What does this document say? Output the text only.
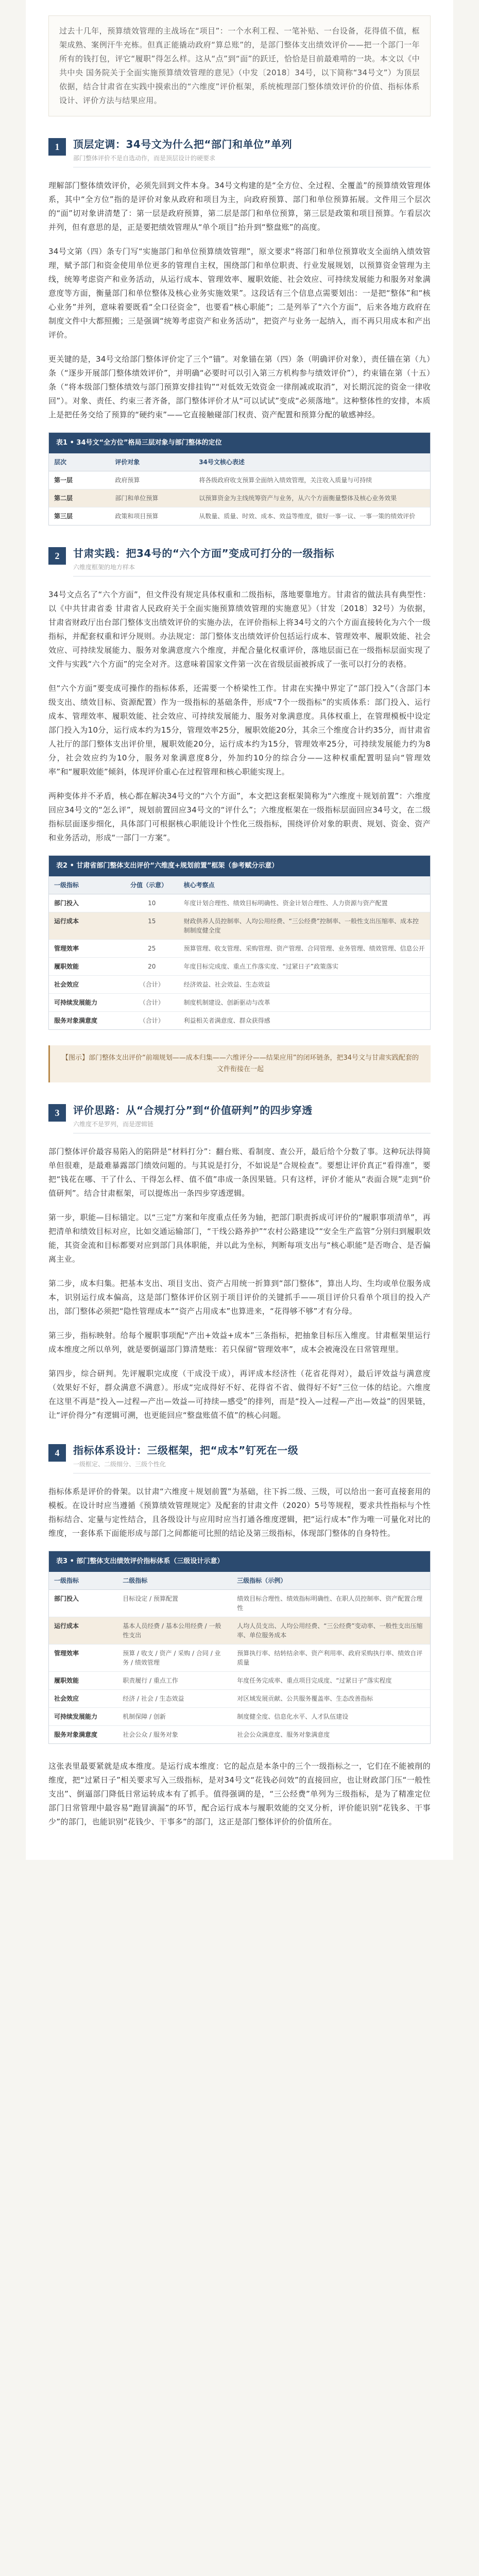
过去十几年，预算绩效管理的主战场在“项目”：一个水利工程、一笔补贴、一台设备，花得值不值，框架成熟、案例汗牛充栋。但真正能撬动政府“算总账”的，是部门整体支出绩效评价——把一个部门一年所有的钱打包，评它“履职”得怎么样。这从“点”到“面”的跃迁，恰恰是目前最难啃的一块。本文以《中共中央 国务院关于全面实施预算绩效管理的意见》（中发〔2018〕34号，以下简称“34号文”）为顶层依据，结合甘肃省在实践中摸索出的“六维度”评价框架，系统梳理部门整体绩效评价的价值、指标体系设计、评价方法与结果应用。

1	顶层定调：34号文为什么把“部门和单位”单列
部门整体评价不是自选动作，而是顶层设计的硬要求

理解部门整体绩效评价，必须先回到文件本身。34号文构建的是“全方位、全过程、全覆盖”的预算绩效管理体系，其中“全方位”指的是评价对象从政府和项目为主，向政府预算、部门和单位预算拓展。文件用三个层次的“面”切对象讲清楚了：第一层是政府预算，第二层是部门和单位预算，第三层是政策和项目预算。乍看层次并列，但有意思的是，正是要把绩效管理从“单个项目”抬升到“整盘账”的高度。

34号文第（四）条专门写“实施部门和单位预算绩效管理”，原文要求“将部门和单位预算收支全面纳入绩效管理，赋予部门和资金使用单位更多的管理自主权，围绕部门和单位职责、行业发展规划，以预算资金管理为主线，统筹考虑资产和业务活动，从运行成本、管理效率、履职效能、社会效应、可持续发展能力和服务对象满意度等方面，衡量部门和单位整体及核心业务实施效果”。这段话有三个信息点需要划出：一是把“整体”和“核心业务”并列，意味着要既看“全口径资金”，也要看“核心职能”；二是列举了“六个方面”，后来各地方政府在制度文件中大都照搬；三是强调“统筹考虑资产和业务活动”，把资产与业务一起纳入，而不再只用成本和产出评价。

更关键的是，34号文给部门整体评价定了三个“锚”。对象锚在第（四）条（明确评价对象），责任锚在第（九）条（“逐步开展部门整体绩效评价”，并明确“必要时可以引入第三方机构参与绩效评价”），约束锚在第（十五）条（“将本级部门整体绩效与部门预算安排挂钩”“对低效无效资金一律削减或取消”，对长期沉淀的资金一律收回”）。对象、责任、约束三者齐备，部门整体评价才从“可以试试”变成“必须落地”。这种整体性的安排，本质上是把任务交给了预算的“硬约束”——它直接触碰部门权责、资产配置和预算分配的敏感神经。

表1 • 34号文“全方位”格局三层对象与部门整体的定位
层次	评价对象	34号文核心表述
第一层	政府预算	将各级政府收支预算全面纳入绩效管理，关注收入质量与可持续
第二层	部门和单位预算	以预算资金为主线统筹资产与业务，从六个方面衡量整体及核心业务效果
第三层	政策和项目预算	从数量、质量、时效、成本、效益等维度，做好一事一议、一事一策的绩效评价
2	甘肃实践：把34号的“六个方面”变成可打分的一级指标
六维度框架的地方样本

34号文点名了“六个方面”，但文件没有规定具体权重和二级指标，落地要靠地方。甘肃省的做法具有典型性：以《中共甘肃省委 甘肃省人民政府关于全面实施预算绩效管理的实施意见》（甘发〔2018〕32号）为依据，甘肃省财政厅出台部门整体支出绩效评价的实施办法，在评价指标上将34号文的六个方面直接转化为六个一级指标，并配套权重和评分规则。办法规定：部门整体支出绩效评价包括运行成本、管理效率、履职效能、社会效应、可持续发展能力、服务对象满意度六个维度，并配合量化权重评价，落地层面已在一级指标层面实现了文件与实践“六个方面”的完全对齐。这意味着国家文件第一次在省级层面被拆成了一张可以打分的表格。

但“六个方面”要变成可操作的指标体系，还需要一个桥梁性工作。甘肃在实操中界定了“部门投入”（含部门本级支出、绩效目标、资源配置）作为一级指标的基础条件，形成“7个一级指标”的实质体系：部门投入、运行成本、管理效率、履职效能、社会效应、可持续发展能力、服务对象满意度。具体权重上，在管理模板中设定部门投入为10分，运行成本约为15分，管理效率25分，履职效能20分，其余三个维度合计约35分，而甘肃省人社厅的部门整体支出评价里，履职效能20分，运行成本约为15分，管理效率25分，可持续发展能力约为8分，社会效应约为10分，服务对象满意度8分，外加约10分的综合分——这种权重配置明显向“管理效率”和“履职效能”倾斜，体现评价重心在过程管理和核心职能实现上。

两种变体并不矛盾，核心都在解决34号文的“六个方面”，本文把这套框架简称为“六维度＋规划前置”：六维度回应34号文的“怎么评”，规划前置回应34号文的“评什么”；六维度框架在一级指标层面回应34号文，在二级指标层面逐步细化，具体部门可根据核心职能设计个性化三级指标，围绕评价对象的职责、规划、资金、资产和业务活动，形成“一部门一方案”。

表2 • 甘肃省部门整体支出评价“六维度+规划前置”框架（参考赋分示意）
一级指标	分值（示意）	核心考察点
部门投入	10	年度计划合理性、绩效目标明确性、资金计划合理性、人力资源与资产配置
运行成本	15	财政供养人员控制率、人均公用经费、“三公经费”控制率、一般性支出压缩率、成本控制制度健全度
管理效率	25	预算管理、收支管理、采购管理、资产管理、合同管理、业务管理、绩效管理、信息公开
履职效能	20	年度目标完成度、重点工作落实度、“过紧日子”政策落实
社会效应	（合计）	经济效益、社会效益、生态效益
可持续发展能力	（合计）	制度机制建设、创新驱动与改革
服务对象满意度	（合计）	利益相关者满意度、群众获得感
【图示】部门整体支出评价“前端规划——成本归集——六维评分——结果应用”的闭环链条，把34号文与甘肃实践配套的文件衔接在一起
3	评价思路：从“合规打分”到“价值研判”的四步穿透
六维度不是罗列，而是逻辑链

部门整体评价最容易陷入的陷阱是“材料打分”：翻台账、看制度、查公开，最后给个分数了事。这种玩法得简单但很难，是最难暴露部门绩效问题的。与其说是打分，不如说是“合规检查”。要想让评价真正“看得准”，要把“钱花在哪、干了什么、干得怎么样、值不值”串成一条因果链。只有这样，评价才能从“表面合规”走到“价值研判”。结合甘肃框架，可以提炼出一条四步穿透逻辑。

第一步，职能—目标锚定。以“三定”方案和年度重点任务为轴，把部门职责拆成可评价的“履职事项清单”，再把清单和绩效目标对应，比如交通运输部门，“干线公路养护”“农村公路建设”“安全生产监管”分别归到履职效能，其资金流和目标都要对应到部门具体职能，并以此为坐标，判断每项支出与“核心职能”是否吻合、是否偏离主业。

第二步，成本归集。把基本支出、项目支出、资产占用统一折算到“部门整体”，算出人均、生均或单位服务成本，识别运行成本偏高，这是部门整体评价区别于项目评价的关键抓手——项目评价只看单个项目的投入产出，部门整体必须把“隐性管理成本”“资产占用成本”也算进来，“花得够不够”才有分母。

第三步，指标映射。给每个履职事项配“产出+效益+成本”三条指标，把抽象目标压入维度。甘肃框架里运行成本维度之所以单列，就是要倒逼部门算清楚账：若只保留“管理效率”，成本会被淹没在日常管理里。

第四步，综合研判。先评履职完成度（干成没干成），再评成本经济性（花省花得对），最后评效益与满意度（效果好不好，群众满意不满意）。形成“完成得好不好、花得省不省、做得好不好”三位一体的结论。六维度在这里不再是“投入—过程—产出—效益—可持续—感受”的排列，而是“投入—过程—产出—效益”的因果链，让“评价得分”有逻辑可溯，也更能回应“整盘账值不值”的核心问题。

4	指标体系设计：三级框架，把“成本”钉死在一级
一级框定、二级细分、三级个性化

指标体系是评价的骨架。以甘肃“六维度＋规划前置”为基础，往下拆二级、三级，可以给出一套可直接套用的模板。在设计时应当遵循《预算绩效管理规定》及配套的甘肃文件（2020）5号等规程，要求共性指标与个性指标结合、定量与定性结合，且各级设计与应用时应当打通各维度逻辑，把“运行成本”作为唯一可量化对比的维度，一套体系下面能形成与部门之间都能可比照的结论及第三级指标，体现部门整体的自身特性。

表3 • 部门整体支出绩效评价指标体系（三级设计示意）
一级指标	二级指标	三级指标（示例）
部门投入	目标设定 / 预算配置	绩效目标合理性、绩效指标明确性、在职人员控制率、资产配置合理性
运行成本	基本人员经费 / 基本公用经费 / 一般性支出	人均人员支出、人均公用经费、“三公经费”变动率、一般性支出压缩率、单位服务成本
管理效率	预算 / 收支 / 资产 / 采购 / 合同 / 业务 / 绩效管理	预算执行率、结转结余率、资产利用率、政府采购执行率、绩效自评质量
履职效能	职责履行 / 重点工作	年度任务完成率、重点项目完成度、“过紧日子”落实程度
社会效应	经济 / 社会 / 生态效益	对区域发展贡献、公共服务覆盖率、生态改善指标
可持续发展能力	机制保障 / 创新	制度健全度、信息化水平、人才队伍建设
服务对象满意度	社会公众 / 服务对象	社会公众满意度、服务对象满意度

这张表里最要紧就是成本维度。是运行成本维度：它的起点是本条中的三个一级指标之一，它们在不能被削的维度，把“过紧日子”相关要求写入三级指标，是对34号文“花钱必问效”的直接回应，也让财政部门压“一般性支出”、倒逼部门降低日常运转成本有了抓手。值得强调的是，“三公经费”单列为三级指标，是为了精准定位部门日常管理中最容易“跑冒滴漏”的环节，配合运行成本与履职效能的交叉分析，评价能识别“花钱多、干事少”的部门，也能识别“花钱少、干事多”的部门，这正是部门整体评价的价值所在。
